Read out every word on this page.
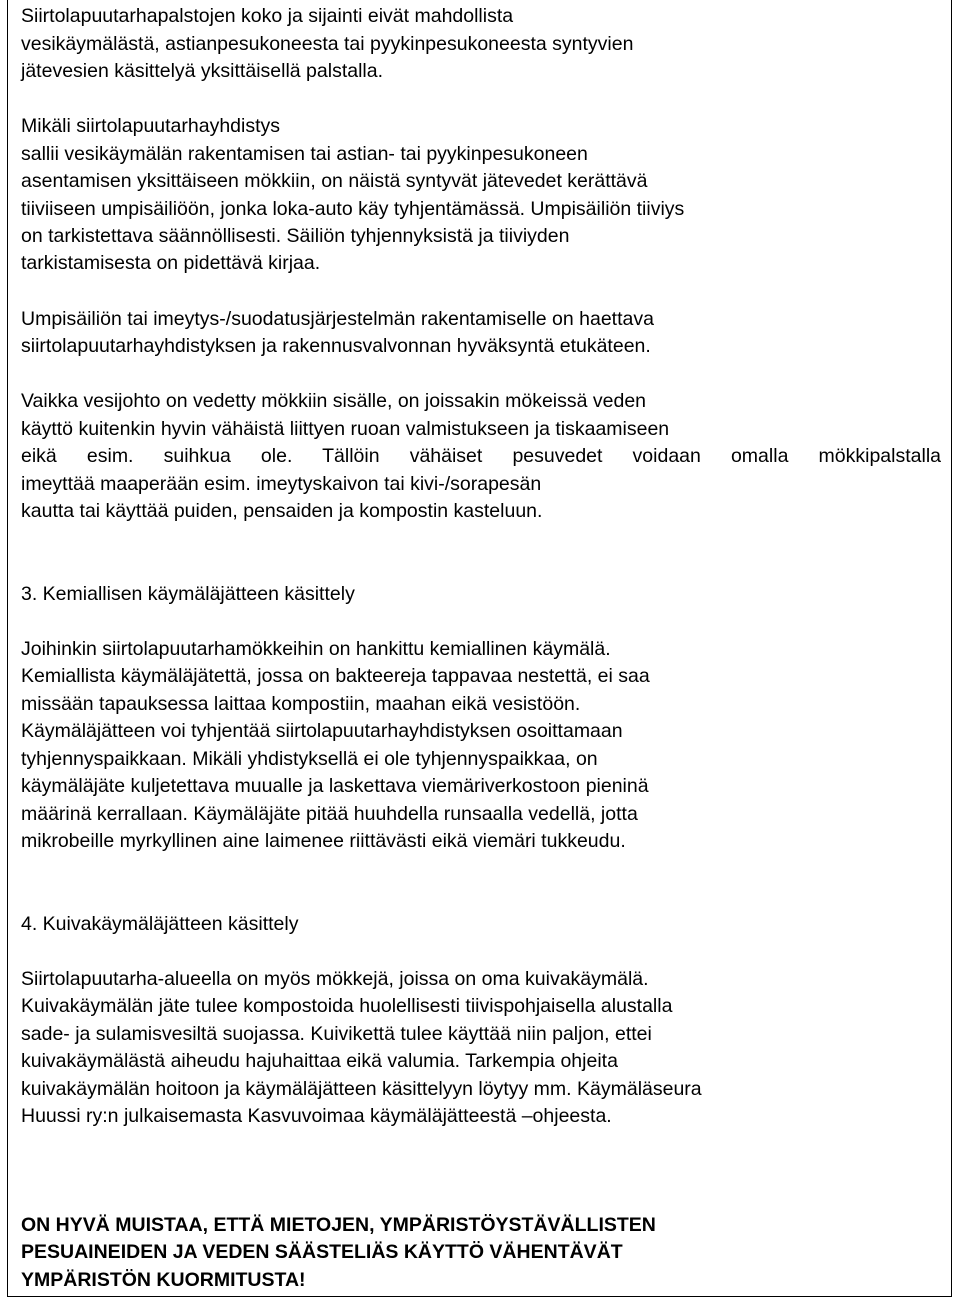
Siirtolapuutarhapalstojen koko ja sijainti eivät mahdollista
vesikäymälästä, astianpesukoneesta tai pyykinpesukoneesta syntyvien
jätevesien käsittelyä yksittäisellä palstalla.
Mikäli siirtolapuutarhayhdistys
sallii vesikäymälän rakentamisen tai astian- tai pyykinpesukoneen
asentamisen yksittäiseen mökkiin, on näistä syntyvät jätevedet kerättävä
tiiviiseen umpisäiliöön, jonka loka-auto käy tyhjentämässä. Umpisäiliön tiiviys
on tarkistettava säännöllisesti. Säiliön tyhjennyksistä ja tiiviyden
tarkistamisesta on pidettävä kirjaa.
Umpisäiliön tai imeytys-/suodatusjärjestelmän rakentamiselle on haettava
siirtolapuutarhayhdistyksen ja rakennusvalvonnan hyväksyntä etukäteen.
Vaikka vesijohto on vedetty mökkiin sisälle, on joissakin mökeissä veden
käyttö kuitenkin hyvin vähäistä liittyen ruoan valmistukseen ja tiskaamiseen
eikä esim. suihkua ole. Tällöin vähäiset pesuvedet voidaan omalla mökkipalstalla
imeyttää maaperään esim. imeytyskaivon tai kivi-/sorapesän
kautta tai käyttää puiden, pensaiden ja kompostin kasteluun.
3. Kemiallisen käymäläjätteen käsittely
Joihinkin siirtolapuutarhamökkeihin on hankittu kemiallinen käymälä.
Kemiallista käymäläjätettä, jossa on bakteereja tappavaa nestettä, ei saa
missään tapauksessa laittaa kompostiin, maahan eikä vesistöön.
Käymäläjätteen voi tyhjentää siirtolapuutarhayhdistyksen osoittamaan
tyhjennyspaikkaan. Mikäli yhdistyksellä ei ole tyhjennyspaikkaa, on
käymäläjäte kuljetettava muualle ja laskettava viemäriverkostoon pieninä
määrinä kerrallaan. Käymäläjäte pitää huuhdella runsaalla vedellä, jotta
mikrobeille myrkyllinen aine laimenee riittävästi eikä viemäri tukkeudu.
4. Kuivakäymäläjätteen käsittely
Siirtolapuutarha-alueella on myös mökkejä, joissa on oma kuivakäymälä.
Kuivakäymälän jäte tulee kompostoida huolellisesti tiivispohjaisella alustalla
sade- ja sulamisvesiltä suojassa. Kuivikettä tulee käyttää niin paljon, ettei
kuivakäymälästä aiheudu hajuhaittaa eikä valumia. Tarkempia ohjeita
kuivakäymälän hoitoon ja käymäläjätteen käsittelyyn löytyy mm. Käymäläseura
Huussi ry:n julkaisemasta Kasvuvoimaa käymäläjätteestä –ohjeesta.
ON HYVÄ MUISTAA, ETTÄ MIETOJEN, YMPÄRISTÖYSTÄVÄLLISTEN
PESUAINEIDEN JA VEDEN SÄÄSTELIÄS KÄYTTÖ VÄHENTÄVÄT
YMPÄRISTÖN KUORMITUSTA!
